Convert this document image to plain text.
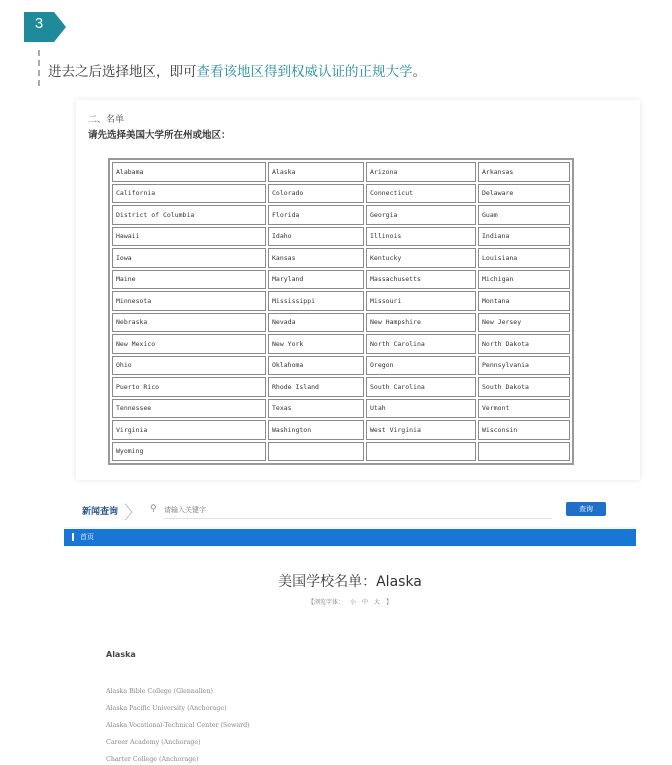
3
进去之后选择地区，即可查看该地区得到权威认证的正规大学。
二、名单
请先选择美国大学所在州或地区：
Alabama	Alaska	Arizona	Arkansas
California	Colorado	Connecticut	Delaware
District of Columbia	Florida	Georgia	Guam
Hawaii	Idaho	Illinois	Indiana
Iowa	Kansas	Kentucky	Louisiana
Maine	Maryland	Massachusetts	Michigan
Minnesota	Mississippi	Missouri	Montana
Nebraska	Nevada	New Hampshire	New Jersey
New Mexico	New York	North Carolina	North Dakota
Ohio	Oklahoma	Oregon	Pennsylvania
Puerto Rico	Rhode Island	South Carolina	South Dakota
Tennessee	Texas	Utah	Vermont
Virginia	Washington	West Virginia	Wisconsin
Wyoming			
新闻查询 〉 ⚲
请输入关键字	查询
首页
美国学校名单：Alaska
【浏览字体： 小 中 大 】
Alaska
Alaska Bible College (Glennallen)
Alaska Pacific University (Anchorage)
Alaska Vocational-Technical Center (Seward)
Career Academy (Anchorage)
Charter College (Anchorage)
